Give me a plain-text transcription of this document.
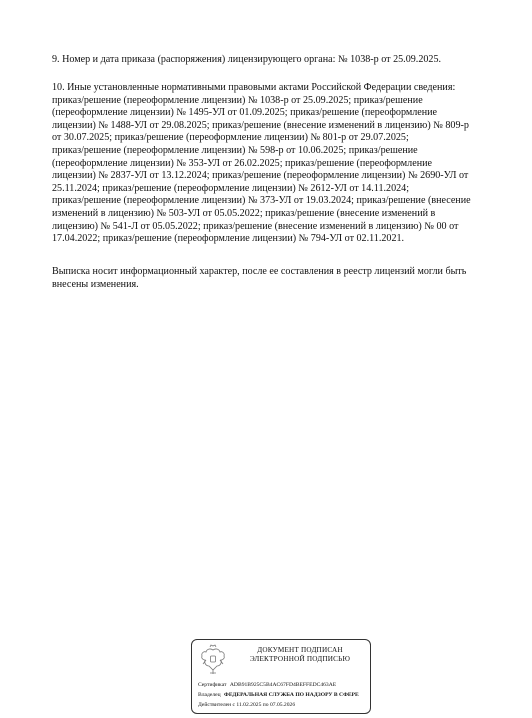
9. Номер и дата приказа (распоряжения) лицензирующего органа: № 1038-р от 25.09.2025.
10. Иные установленные нормативными правовыми актами Российской Федерации сведения:
приказ/решение (переоформление лицензии) № 1038-р от 25.09.2025; приказ/решение
(переоформление лицензии) № 1495-УЛ от 01.09.2025; приказ/решение (переоформление
лицензии) № 1488-УЛ от 29.08.2025; приказ/решение (внесение изменений в лицензию) № 809-р
от 30.07.2025; приказ/решение (переоформление лицензии) № 801-р от 29.07.2025;
приказ/решение (переоформление лицензии) № 598-р от 10.06.2025; приказ/решение
(переоформление лицензии) № 353-УЛ от 26.02.2025; приказ/решение (переоформление
лицензии) № 2837-УЛ от 13.12.2024; приказ/решение (переоформление лицензии) № 2690-УЛ от
25.11.2024; приказ/решение (переоформление лицензии) № 2612-УЛ от 14.11.2024;
приказ/решение (переоформление лицензии) № 373-УЛ от 19.03.2024; приказ/решение (внесение
изменений в лицензию) № 503-УЛ от 05.05.2022; приказ/решение (внесение изменений в
лицензию) № 541-Л от 05.05.2022; приказ/решение (внесение изменений в лицензию) № 00 от
17.04.2022; приказ/решение (переоформление лицензии) № 794-УЛ от 02.11.2021.
Выписка носит информационный характер, после ее составления в реестр лицензий могли быть
внесены изменения.
ДОКУМЕНТ ПОДПИСАН
ЭЛЕКТРОННОЙ ПОДПИСЬЮ
Сертификат ADB91B925C5B4AC67FD4BEFFEDC463AE
Владелец ФЕДЕРАЛЬНАЯ СЛУЖБА ПО НАДЗОРУ В СФЕРЕ
Действителен с 11.02.2025 по 07.05.2026
